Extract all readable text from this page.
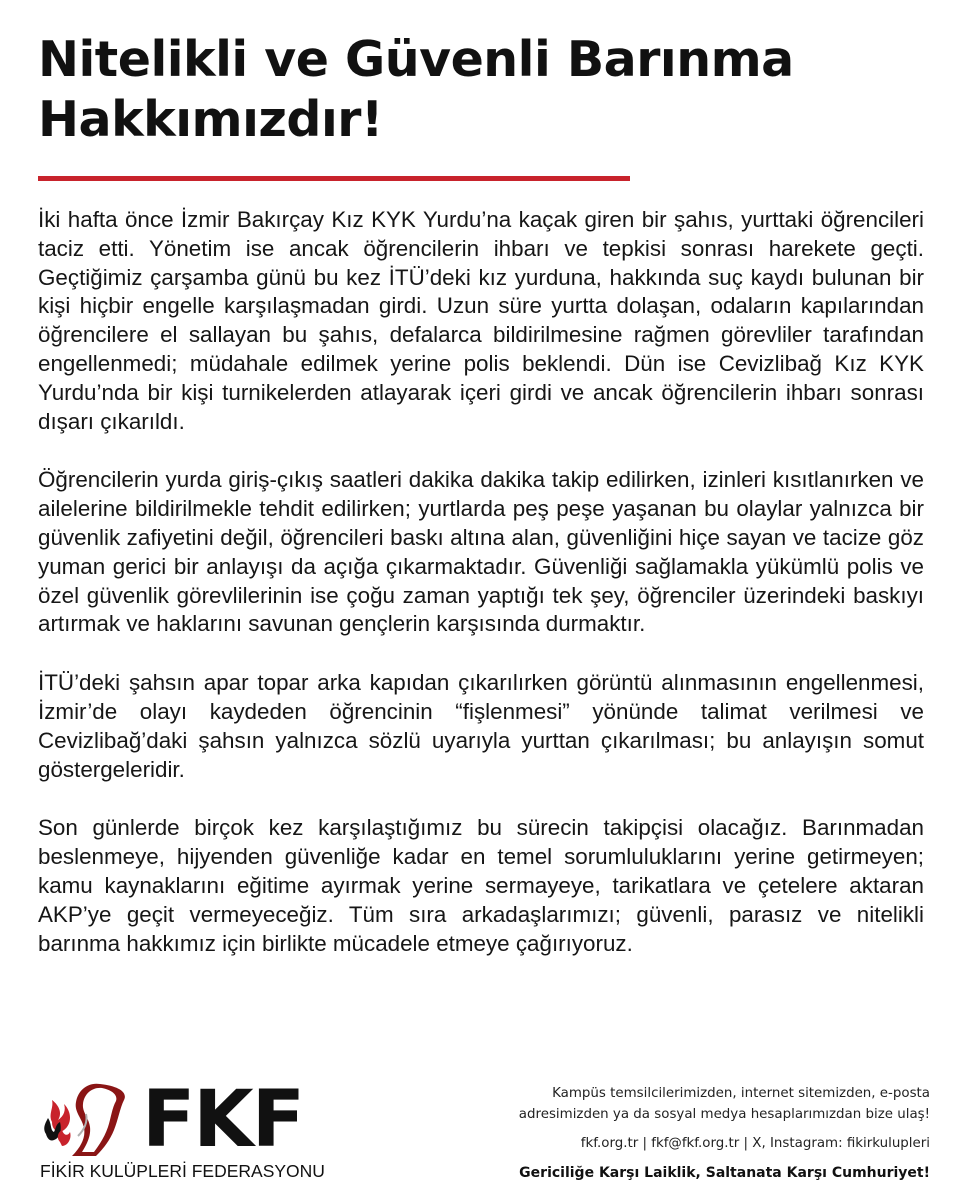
Nitelikli ve Güvenli Barınma Hakkımızdır!

İki hafta önce İzmir Bakırçay Kız KYK Yurdu’na kaçak giren bir şahıs, yurttaki öğrencileri taciz etti. Yönetim ise ancak öğrencilerin ihbarı ve tepkisi sonrası harekete geçti. Geçtiğimiz çarşamba günü bu kez İTÜ’deki kız yurduna, hakkında suç kaydı bulunan bir kişi hiçbir engelle karşılaşmadan girdi. Uzun süre yurtta dolaşan, odaların kapılarından öğrencilere el sallayan bu şahıs, defalarca bildirilmesine rağmen görevliler tarafından engellenmedi; müdahale edilmek yerine polis beklendi. Dün ise Cevizlibağ Kız KYK Yurdu’nda bir kişi turnikelerden atlayarak içeri girdi ve ancak öğrencilerin ihbarı sonrası dışarı çıkarıldı.

Öğrencilerin yurda giriş-çıkış saatleri dakika dakika takip edilirken, izinleri kısıtlanırken ve ailelerine bildirilmekle tehdit edilirken; yurtlarda peş peşe yaşanan bu olaylar yalnızca bir güvenlik zafiyetini değil, öğrencileri baskı altına alan, güvenliğini hiçe sayan ve tacize göz yuman gerici bir anlayışı da açığa çıkarmaktadır. Güvenliği sağlamakla yükümlü polis ve özel güvenlik görevlilerinin ise çoğu zaman yaptığı tek şey, öğrenciler üzerindeki baskıyı artırmak ve haklarını savunan gençlerin karşısında durmaktır.

İTÜ’deki şahsın apar topar arka kapıdan çıkarılırken görüntü alınmasının engellenmesi, İzmir’de olayı kaydeden öğrencinin “fişlenmesi” yönünde talimat verilmesi ve Cevizlibağ’daki şahsın yalnızca sözlü uyarıyla yurttan çıkarılması; bu anlayışın somut göstergeleridir.

Son günlerde birçok kez karşılaştığımız bu sürecin takipçisi olacağız. Barınmadan beslenmeye, hijyenden güvenliğe kadar en temel sorumluluklarını yerine getirmeyen; kamu kaynaklarını eğitime ayırmak yerine sermayeye, tarikatlara ve çetelere aktaran AKP’ye geçit vermeyeceğiz. Tüm sıra arkadaşlarımızı; güvenli, parasız ve nitelikli barınma hakkımız için birlikte mücadele etmeye çağırıyoruz.

FKF
FİKİR KULÜPLERİ FEDERASYONU
Kampüs temsilcilerimizden, internet sitemizden, e-posta
adresimizden ya da sosyal medya hesaplarımızdan bize ulaş!
fkf.org.tr | fkf@fkf.org.tr | X, Instagram: fikirkulupleri
Gericiliğe Karşı Laiklik, Saltanata Karşı Cumhuriyet!
